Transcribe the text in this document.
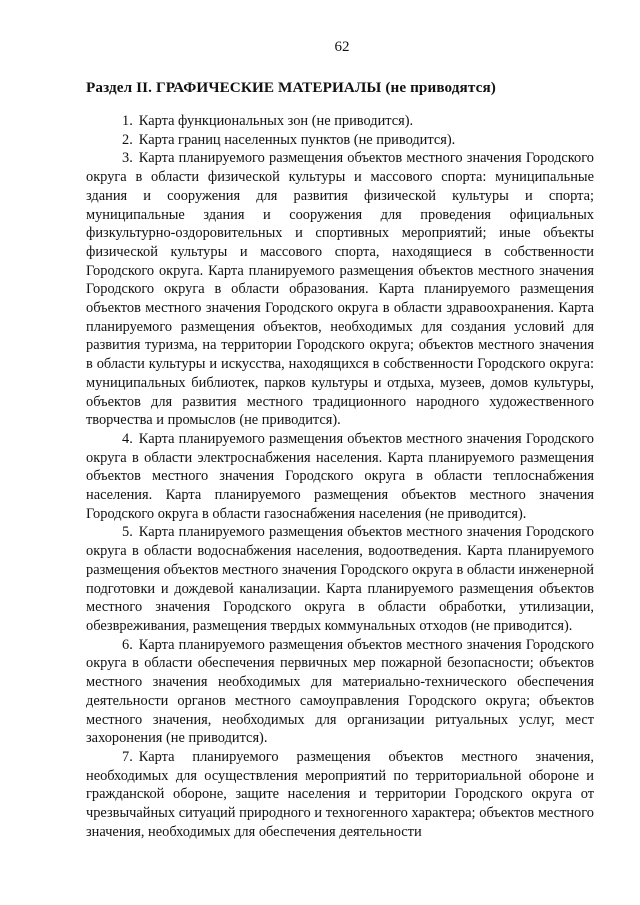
62
Раздел II. ГРАФИЧЕСКИЕ МАТЕРИАЛЫ (не приводятся)

1. Карта функциональных зон (не приводится).

2. Карта границ населенных пунктов (не приводится).

3. Карта планируемого размещения объектов местного значения Городского округа в области физической культуры и массового спорта: муниципальные здания и сооружения для развития физической культуры и спорта; муниципальные здания и сооружения для проведения официальных физкультурно-оздоровительных и спортивных мероприятий; иные объекты физической культуры и массового спорта, находящиеся в собственности Городского округа. Карта планируемого размещения объектов местного значения Городского округа в области образования. Карта планируемого размещения объектов местного значения Городского округа в области здравоохранения. Карта планируемого размещения объектов, необходимых для создания условий для развития туризма, на территории Городского округа; объектов местного значения в области культуры и искусства, находящихся в собственности Городского округа: муниципальных библиотек, парков культуры и отдыха, музеев, домов культуры, объектов для развития местного традиционного народного художественного творчества и промыслов (не приводится).

4. Карта планируемого размещения объектов местного значения Городского округа в области электроснабжения населения. Карта планируемого размещения объектов местного значения Городского округа в области теплоснабжения населения. Карта планируемого размещения объектов местного значения Городского округа в области газоснабжения населения (не приводится).

5. Карта планируемого размещения объектов местного значения Городского округа в области водоснабжения населения, водоотведения. Карта планируемого размещения объектов местного значения Городского округа в области инженерной подготовки и дождевой канализации. Карта планируемого размещения объектов местного значения Городского округа в области обработки, утилизации, обезвреживания, размещения твердых коммунальных отходов (не приводится).

6. Карта планируемого размещения объектов местного значения Городского округа в области обеспечения первичных мер пожарной безопасности; объектов местного значения необходимых для материально-технического обеспечения деятельности органов местного самоуправления Городского округа; объектов местного значения, необходимых для организации ритуальных услуг, мест захоронения (не приводится).

7. Карта планируемого размещения объектов местного значения, необходимых для осуществления мероприятий по территориальной обороне и гражданской обороне, защите населения и территории Городского округа от чрезвычайных ситуаций природного и техногенного характера; объектов местного значения, необходимых для обеспечения деятельности
